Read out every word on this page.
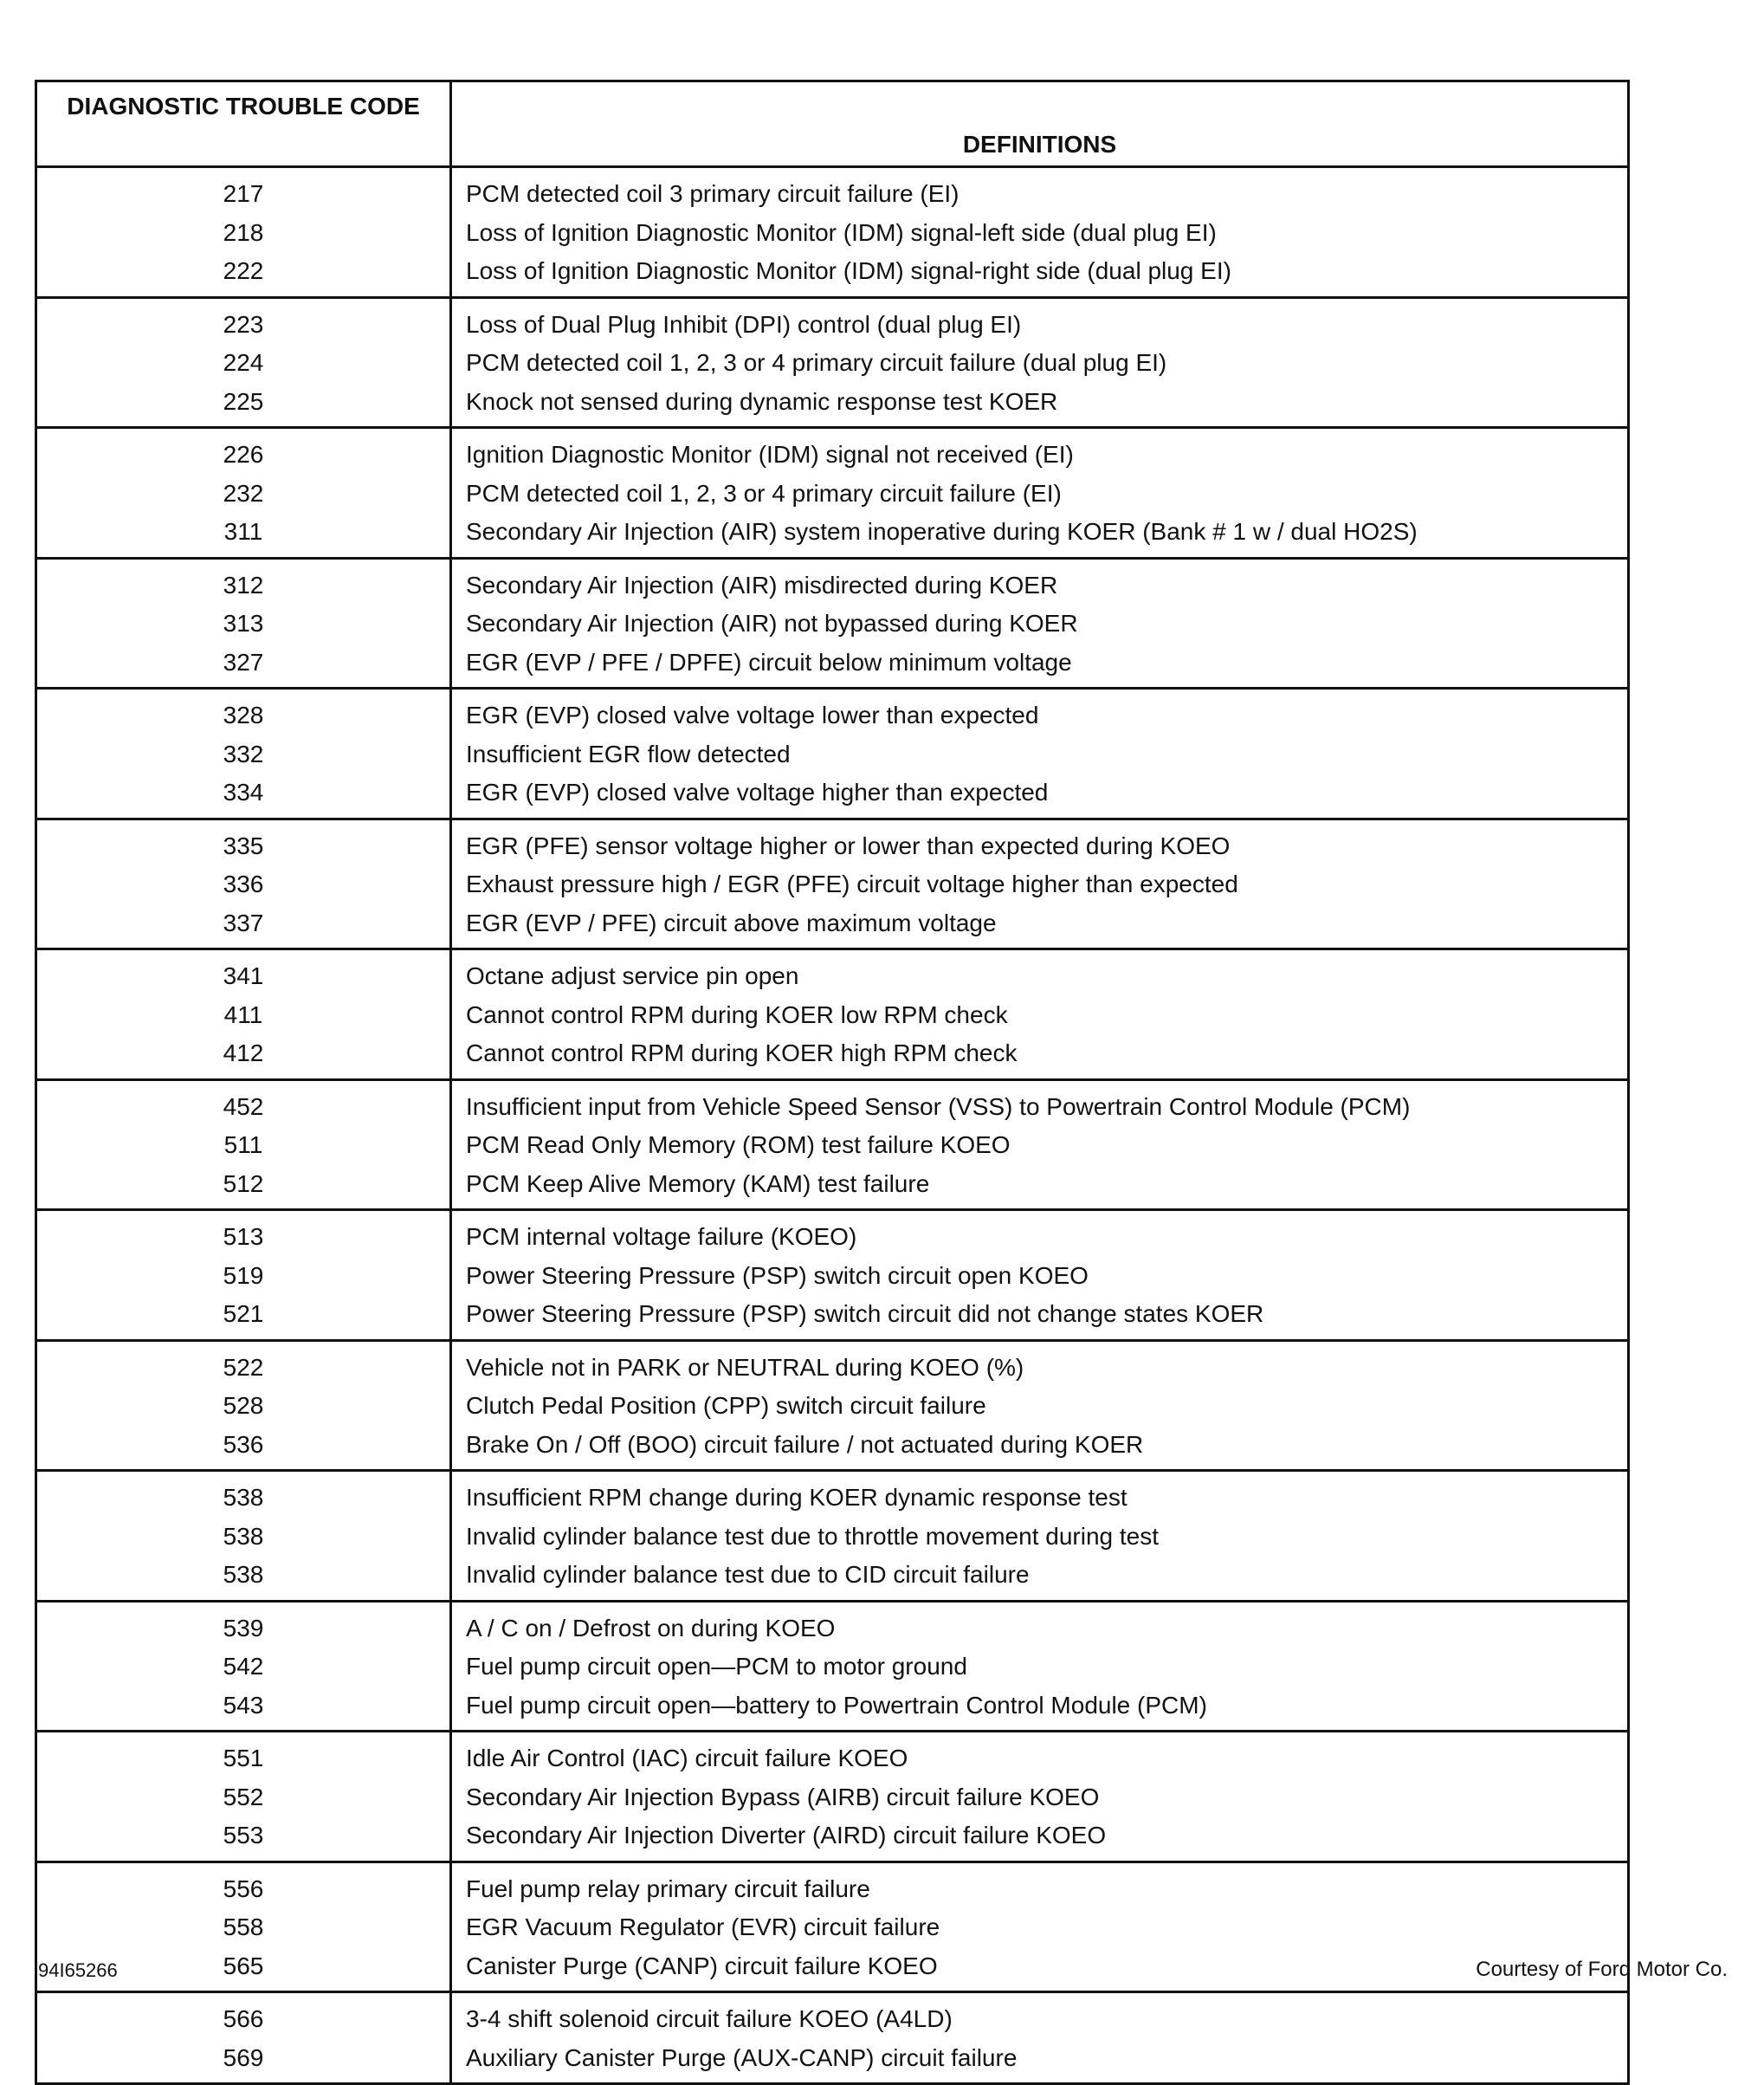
DIAGNOSTIC TROUBLE CODE	DEFINITIONS
217	PCM detected coil 3 primary circuit failure (EI)
218	Loss of Ignition Diagnostic Monitor (IDM) signal-left side (dual plug EI)
222	Loss of Ignition Diagnostic Monitor (IDM) signal-right side (dual plug EI)
223	Loss of Dual Plug Inhibit (DPI) control (dual plug EI)
224	PCM detected coil 1, 2, 3 or 4 primary circuit failure (dual plug EI)
225	Knock not sensed during dynamic response test KOER
226	Ignition Diagnostic Monitor (IDM) signal not received (EI)
232	PCM detected coil 1, 2, 3 or 4 primary circuit failure (EI)
311	Secondary Air Injection (AIR) system inoperative during KOER (Bank # 1 w / dual HO2S)
312	Secondary Air Injection (AIR) misdirected during KOER
313	Secondary Air Injection (AIR) not bypassed during KOER
327	EGR (EVP / PFE / DPFE) circuit below minimum voltage
328	EGR (EVP) closed valve voltage lower than expected
332	Insufficient EGR flow detected
334	EGR (EVP) closed valve voltage higher than expected
335	EGR (PFE) sensor voltage higher or lower than expected during KOEO
336	Exhaust pressure high / EGR (PFE) circuit voltage higher than expected
337	EGR (EVP / PFE) circuit above maximum voltage
341	Octane adjust service pin open
411	Cannot control RPM during KOER low RPM check
412	Cannot control RPM during KOER high RPM check
452	Insufficient input from Vehicle Speed Sensor (VSS) to Powertrain Control Module (PCM)
511	PCM Read Only Memory (ROM) test failure KOEO
512	PCM Keep Alive Memory (KAM) test failure
513	PCM internal voltage failure (KOEO)
519	Power Steering Pressure (PSP) switch circuit open KOEO
521	Power Steering Pressure (PSP) switch circuit did not change states KOER
522	Vehicle not in PARK or NEUTRAL during KOEO (%)
528	Clutch Pedal Position (CPP) switch circuit failure
536	Brake On / Off (BOO) circuit failure / not actuated during KOER
538	Insufficient RPM change during KOER dynamic response test
538	Invalid cylinder balance test due to throttle movement during test
538	Invalid cylinder balance test due to CID circuit failure
539	A / C on / Defrost on during KOEO
542	Fuel pump circuit open—PCM to motor ground
543	Fuel pump circuit open—battery to Powertrain Control Module (PCM)
551	Idle Air Control (IAC) circuit failure KOEO
552	Secondary Air Injection Bypass (AIRB) circuit failure KOEO
553	Secondary Air Injection Diverter (AIRD) circuit failure KOEO
556	Fuel pump relay primary circuit failure
558	EGR Vacuum Regulator (EVR) circuit failure
565	Canister Purge (CANP) circuit failure KOEO
566	3-4 shift solenoid circuit failure KOEO (A4LD)
569	Auxiliary Canister Purge (AUX-CANP) circuit failure
94I65266	Courtesy of Ford Motor Co.
